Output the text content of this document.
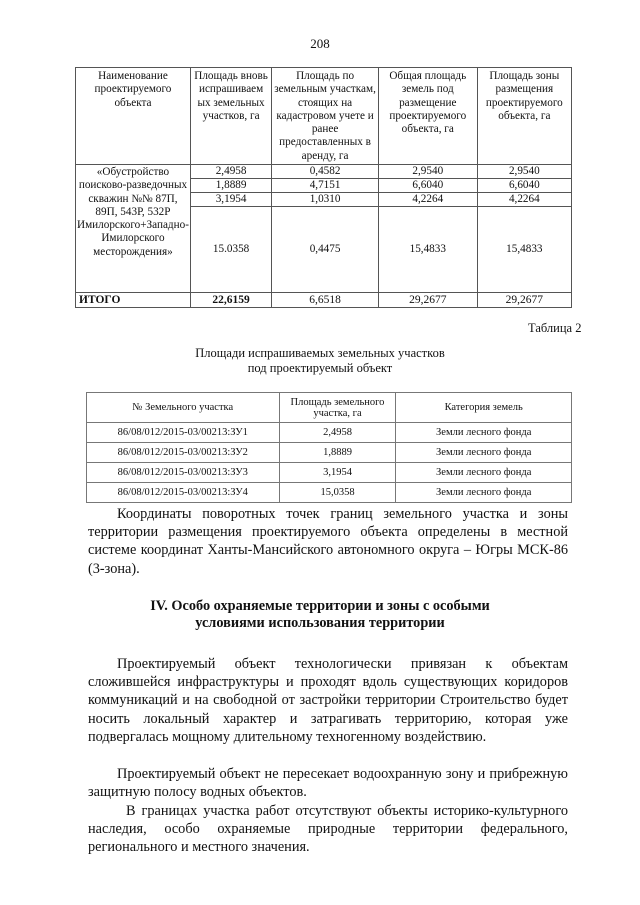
208
Наименование проектируемого объекта	Площадь вновь испрашиваем ых земельных участков, га	Площадь по земельным участкам, стоящих на кадастровом учете и ранее предоставленных в аренду, га	Общая площадь земель под размещение проектируемого объекта, га	Площадь зоны размещения проектируемого объекта, га
«Обустройство поисково-разведочных скважин №№ 87П, 89П, 543Р, 532Р Имилорского+Западно-Имилорского месторождения»	2,4958	0,4582	2,9540	2,9540
	1,8889	4,7151	6,6040	6,6040
	3,1954	1,0310	4,2264	4,2264
	15.0358	0,4475	15,4833	15,4833
ИТОГО	22,6159	6,6518	29,2677	29,2677
Таблица 2
Площади испрашиваемых земельных участков
под проектируемый объект
№ Земельного участка	Площадь земельного участка, га	Категория земель
86/08/012/2015-03/00213:ЗУ1	2,4958	Земли лесного фонда
86/08/012/2015-03/00213:ЗУ2	1,8889	Земли лесного фонда
86/08/012/2015-03/00213:ЗУ3	3,1954	Земли лесного фонда
86/08/012/2015-03/00213:ЗУ4	15,0358	Земли лесного фонда

Координаты поворотных точек границ земельного участка и зоны территории размещения проектируемого объекта определены в местной системе координат Ханты-Мансийского автономного округа – Югры МСК-86 (3-зона).

IV. Особо охраняемые территории и зоны с особыми
условиями использования территории

Проектируемый объект технологически привязан к объектам сложившейся инфраструктуры и проходят вдоль существующих коридоров коммуникаций и на свободной от застройки территории Строительство будет носить локальный характер и затрагивать территорию, которая уже подвергалась мощному длительному техногенному воздействию.

Проектируемый объект не пересекает водоохранную зону и прибрежную защитную полосу водных объектов.

В границах участка работ отсутствуют объекты историко-культурного наследия, особо охраняемые природные территории федерального, регионального и местного значения.
